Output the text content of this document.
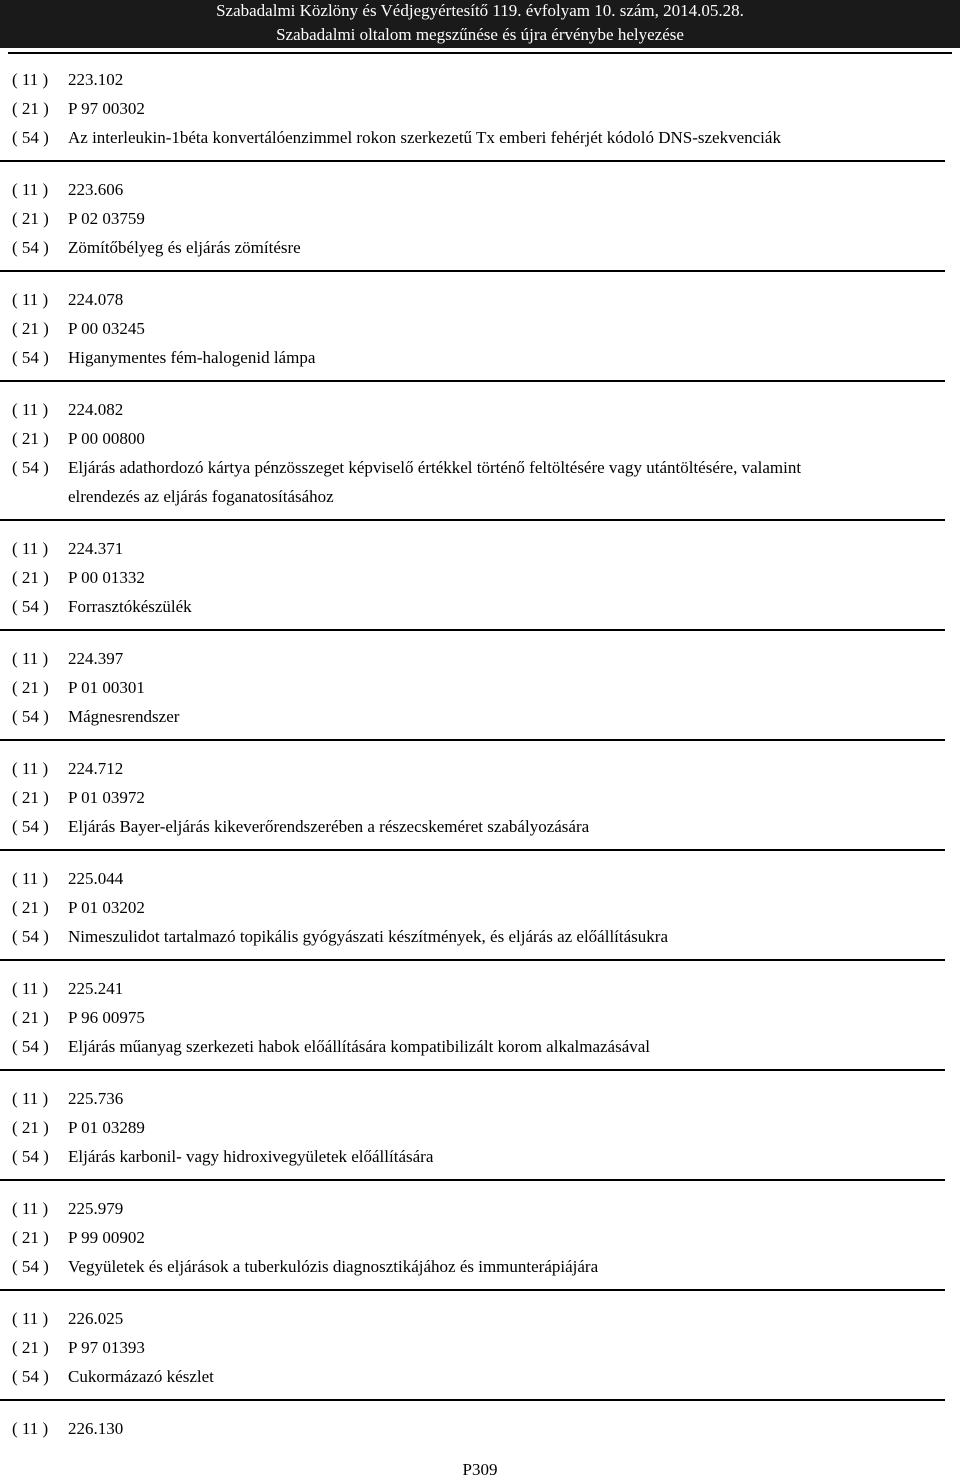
Szabadalmi Közlöny és Védjegyértesítő 119. évfolyam 10. szám, 2014.05.28.
Szabadalmi oltalom megszűnése és újra érvénybe helyezése
( 11 )	223.102
( 21 )	P 97 00302
( 54 )	Az interleukin-1béta konvertálóenzimmel rokon szerkezetű Tx emberi fehérjét kódoló DNS-szekvenciák
( 11 )	223.606
( 21 )	P 02 03759
( 54 )	Zömítőbélyeg és eljárás zömítésre
( 11 )	224.078
( 21 )	P 00 03245
( 54 )	Higanymentes fém-halogenid lámpa
( 11 )	224.082
( 21 )	P 00 00800
( 54 )	Eljárás adathordozó kártya pénzösszeget képviselő értékkel történő feltöltésére vagy utántöltésére, valamint elrendezés az eljárás foganatosításához
( 11 )	224.371
( 21 )	P 00 01332
( 54 )	Forrasztókészülék
( 11 )	224.397
( 21 )	P 01 00301
( 54 )	Mágnesrendszer
( 11 )	224.712
( 21 )	P 01 03972
( 54 )	Eljárás Bayer-eljárás kikeverőrendszerében a részecskeméret szabályozására
( 11 )	225.044
( 21 )	P 01 03202
( 54 )	Nimeszulidot tartalmazó topikális gyógyászati készítmények, és eljárás az előállításukra
( 11 )	225.241
( 21 )	P 96 00975
( 54 )	Eljárás műanyag szerkezeti habok előállítására kompatibilizált korom alkalmazásával
( 11 )	225.736
( 21 )	P 01 03289
( 54 )	Eljárás karbonil- vagy hidroxivegyületek előállítására
( 11 )	225.979
( 21 )	P 99 00902
( 54 )	Vegyületek és eljárások a tuberkulózis diagnosztikájához és immunterápiájára
( 11 )	226.025
( 21 )	P 97 01393
( 54 )	Cukormázazó készlet
( 11 )	226.130
P309
